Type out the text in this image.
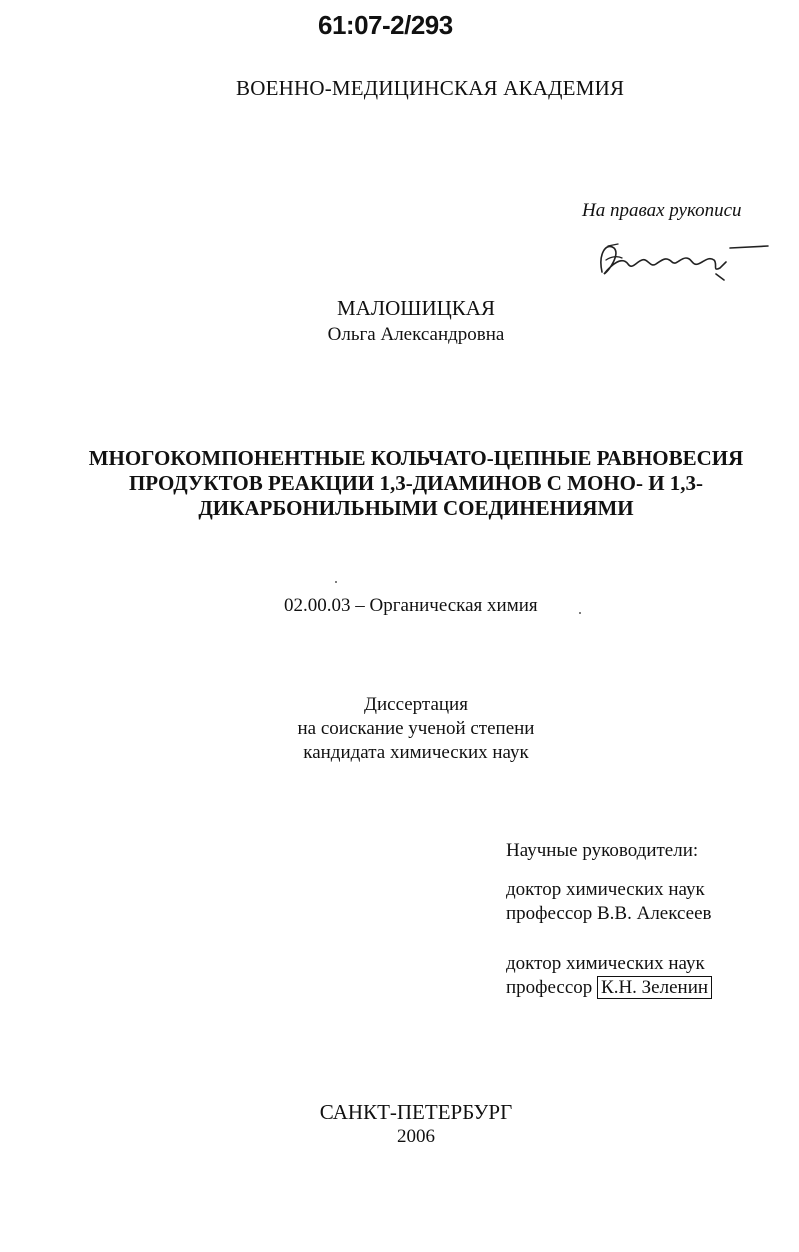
61:07-2/293
ВОЕННО-МЕДИЦИНСКАЯ АКАДЕМИЯ
На правах рукописи
МАЛОШИЦКАЯ
Ольга Александровна
МНОГОКОМПОНЕНТНЫЕ КОЛЬЧАТО-ЦЕПНЫЕ РАВНОВЕСИЯ
ПРОДУКТОВ РЕАКЦИИ 1,3-ДИАМИНОВ С МОНО- И 1,3-
ДИКАРБОНИЛЬНЫМИ СОЕДИНЕНИЯМИ
02.00.03 – Органическая химия
Диссертация
на соискание ученой степени
кандидата химических наук
Научные руководители:
доктор химических наук
профессор В.В. Алексеев
доктор химических наук
профессор К.Н. Зеленин
САНКТ-ПЕТЕРБУРГ
2006
